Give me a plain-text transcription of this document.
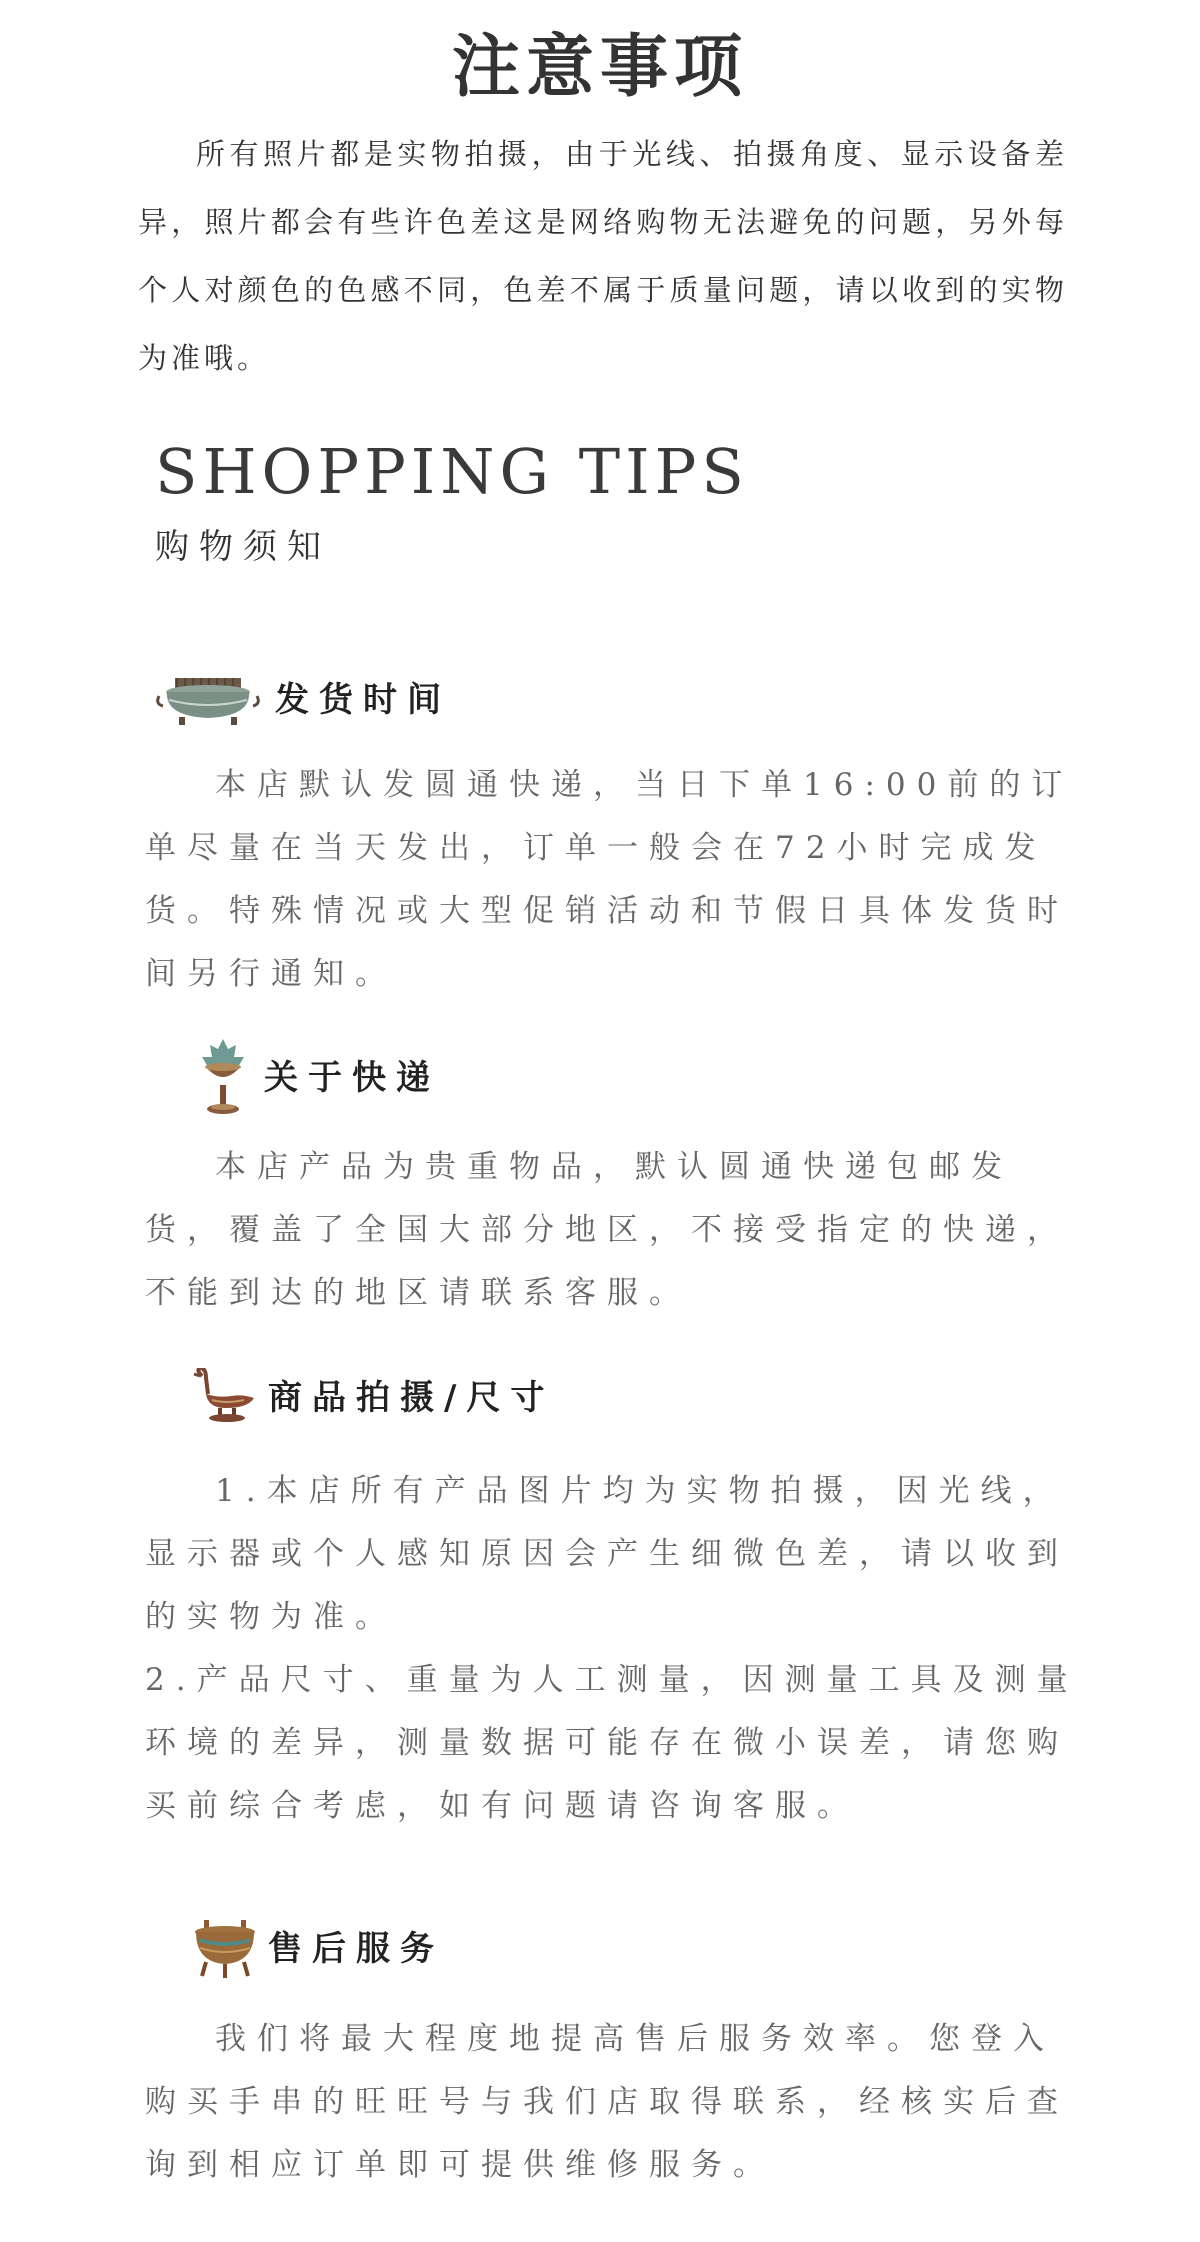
注意事项

所有照片都是实物拍摄，由于光线、拍摄角度、显示设备差异，照片都会有些许色差这是网络购物无法避免的问题，另外每个人对颜色的色感不同，色差不属于质量问题，请以收到的实物为准哦。

SHOPPING TIPS
购物须知
发货时间

本店默认发圆通快递，当日下单16:00前的订单尽量在当天发出，订单一般会在72小时完成发货。特殊情况或大型促销活动和节假日具体发货时间另行通知。

关于快递

本店产品为贵重物品，默认圆通快递包邮发货，覆盖了全国大部分地区，不接受指定的快递，不能到达的地区请联系客服。

商品拍摄/尺寸

1.本店所有产品图片均为实物拍摄，因光线，显示器或个人感知原因会产生细微色差，请以收到的实物为准。

2.产品尺寸、重量为人工测量，因测量工具及测量环境的差异，测量数据可能存在微小误差，请您购买前综合考虑，如有问题请咨询客服。

售后服务

我们将最大程度地提高售后服务效率。您登入购买手串的旺旺号与我们店取得联系，经核实后查询到相应订单即可提供维修服务。
